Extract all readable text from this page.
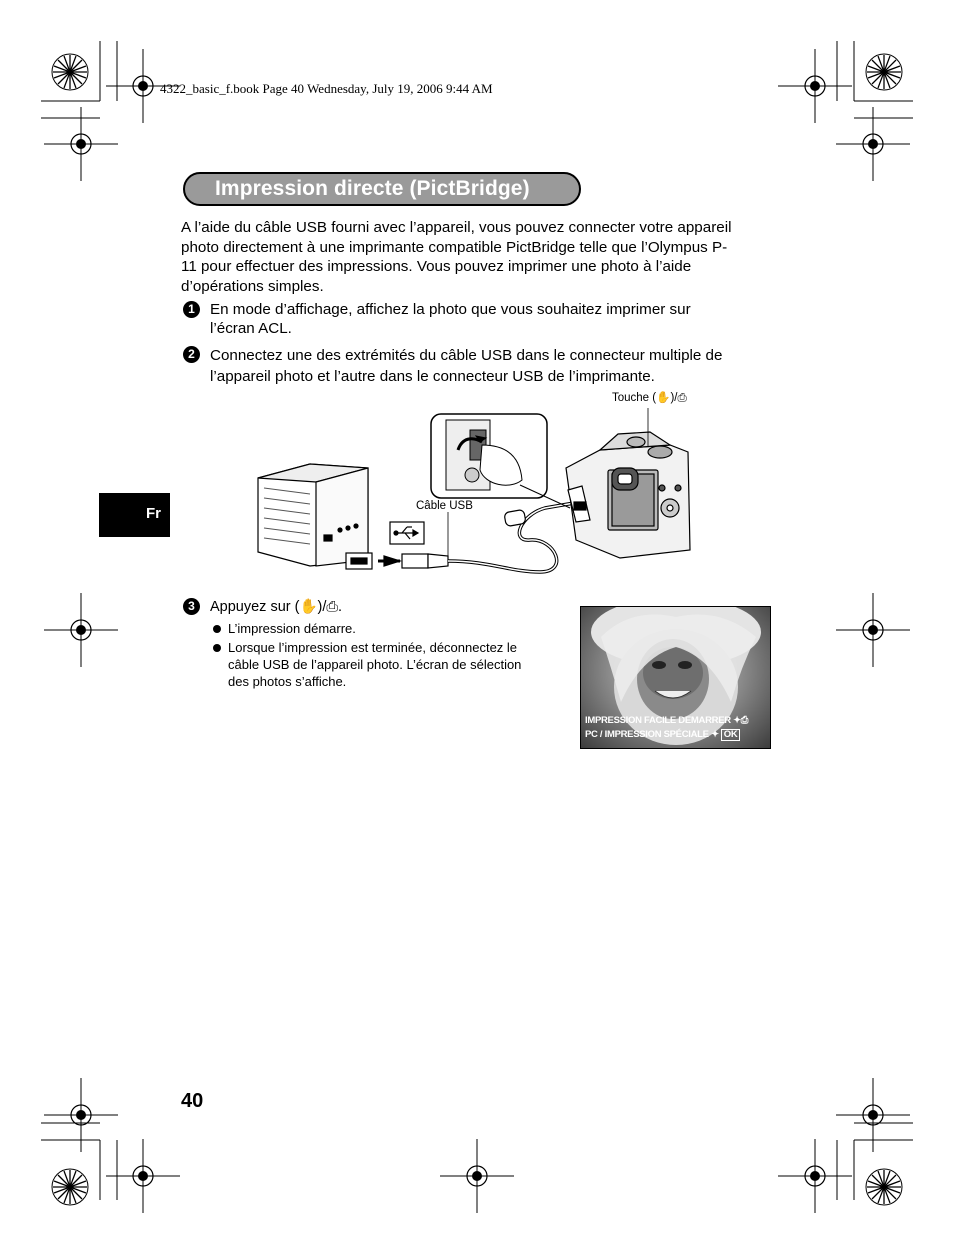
4322_basic_f.book Page 40 Wednesday, July 19, 2006 9:44 AM
Impression directe (PictBridge)
A l’aide du câble USB fourni avec l’appareil, vous pouvez connecter votre appareil
photo directement à une imprimante compatible PictBridge telle que l’Olympus P-
11 pour effectuer des impressions. Vous pouvez imprimer une photo à l’aide
d’opérations simples.
1 En mode d’affichage, affichez la photo que vous souhaitez imprimer sur
l’écran ACL.
2 Connectez une des extrémités du câble USB dans le connecteur multiple de
l’appareil photo et l’autre dans le connecteur USB de l’imprimante.
Touche (✋)/⎙
Câble USB
Fr
3	Appuyez sur (✋)/⎙.
L’impression démarre.
Lorsque l’impression est terminée, déconnectez le câble USB de l’appareil photo. L’écran de sélection des photos s’affiche.
IMPRESSION FACILE DEMARRER ✦⎙
PC / IMPRESSION SPÉCIALE ✦ OK
40
